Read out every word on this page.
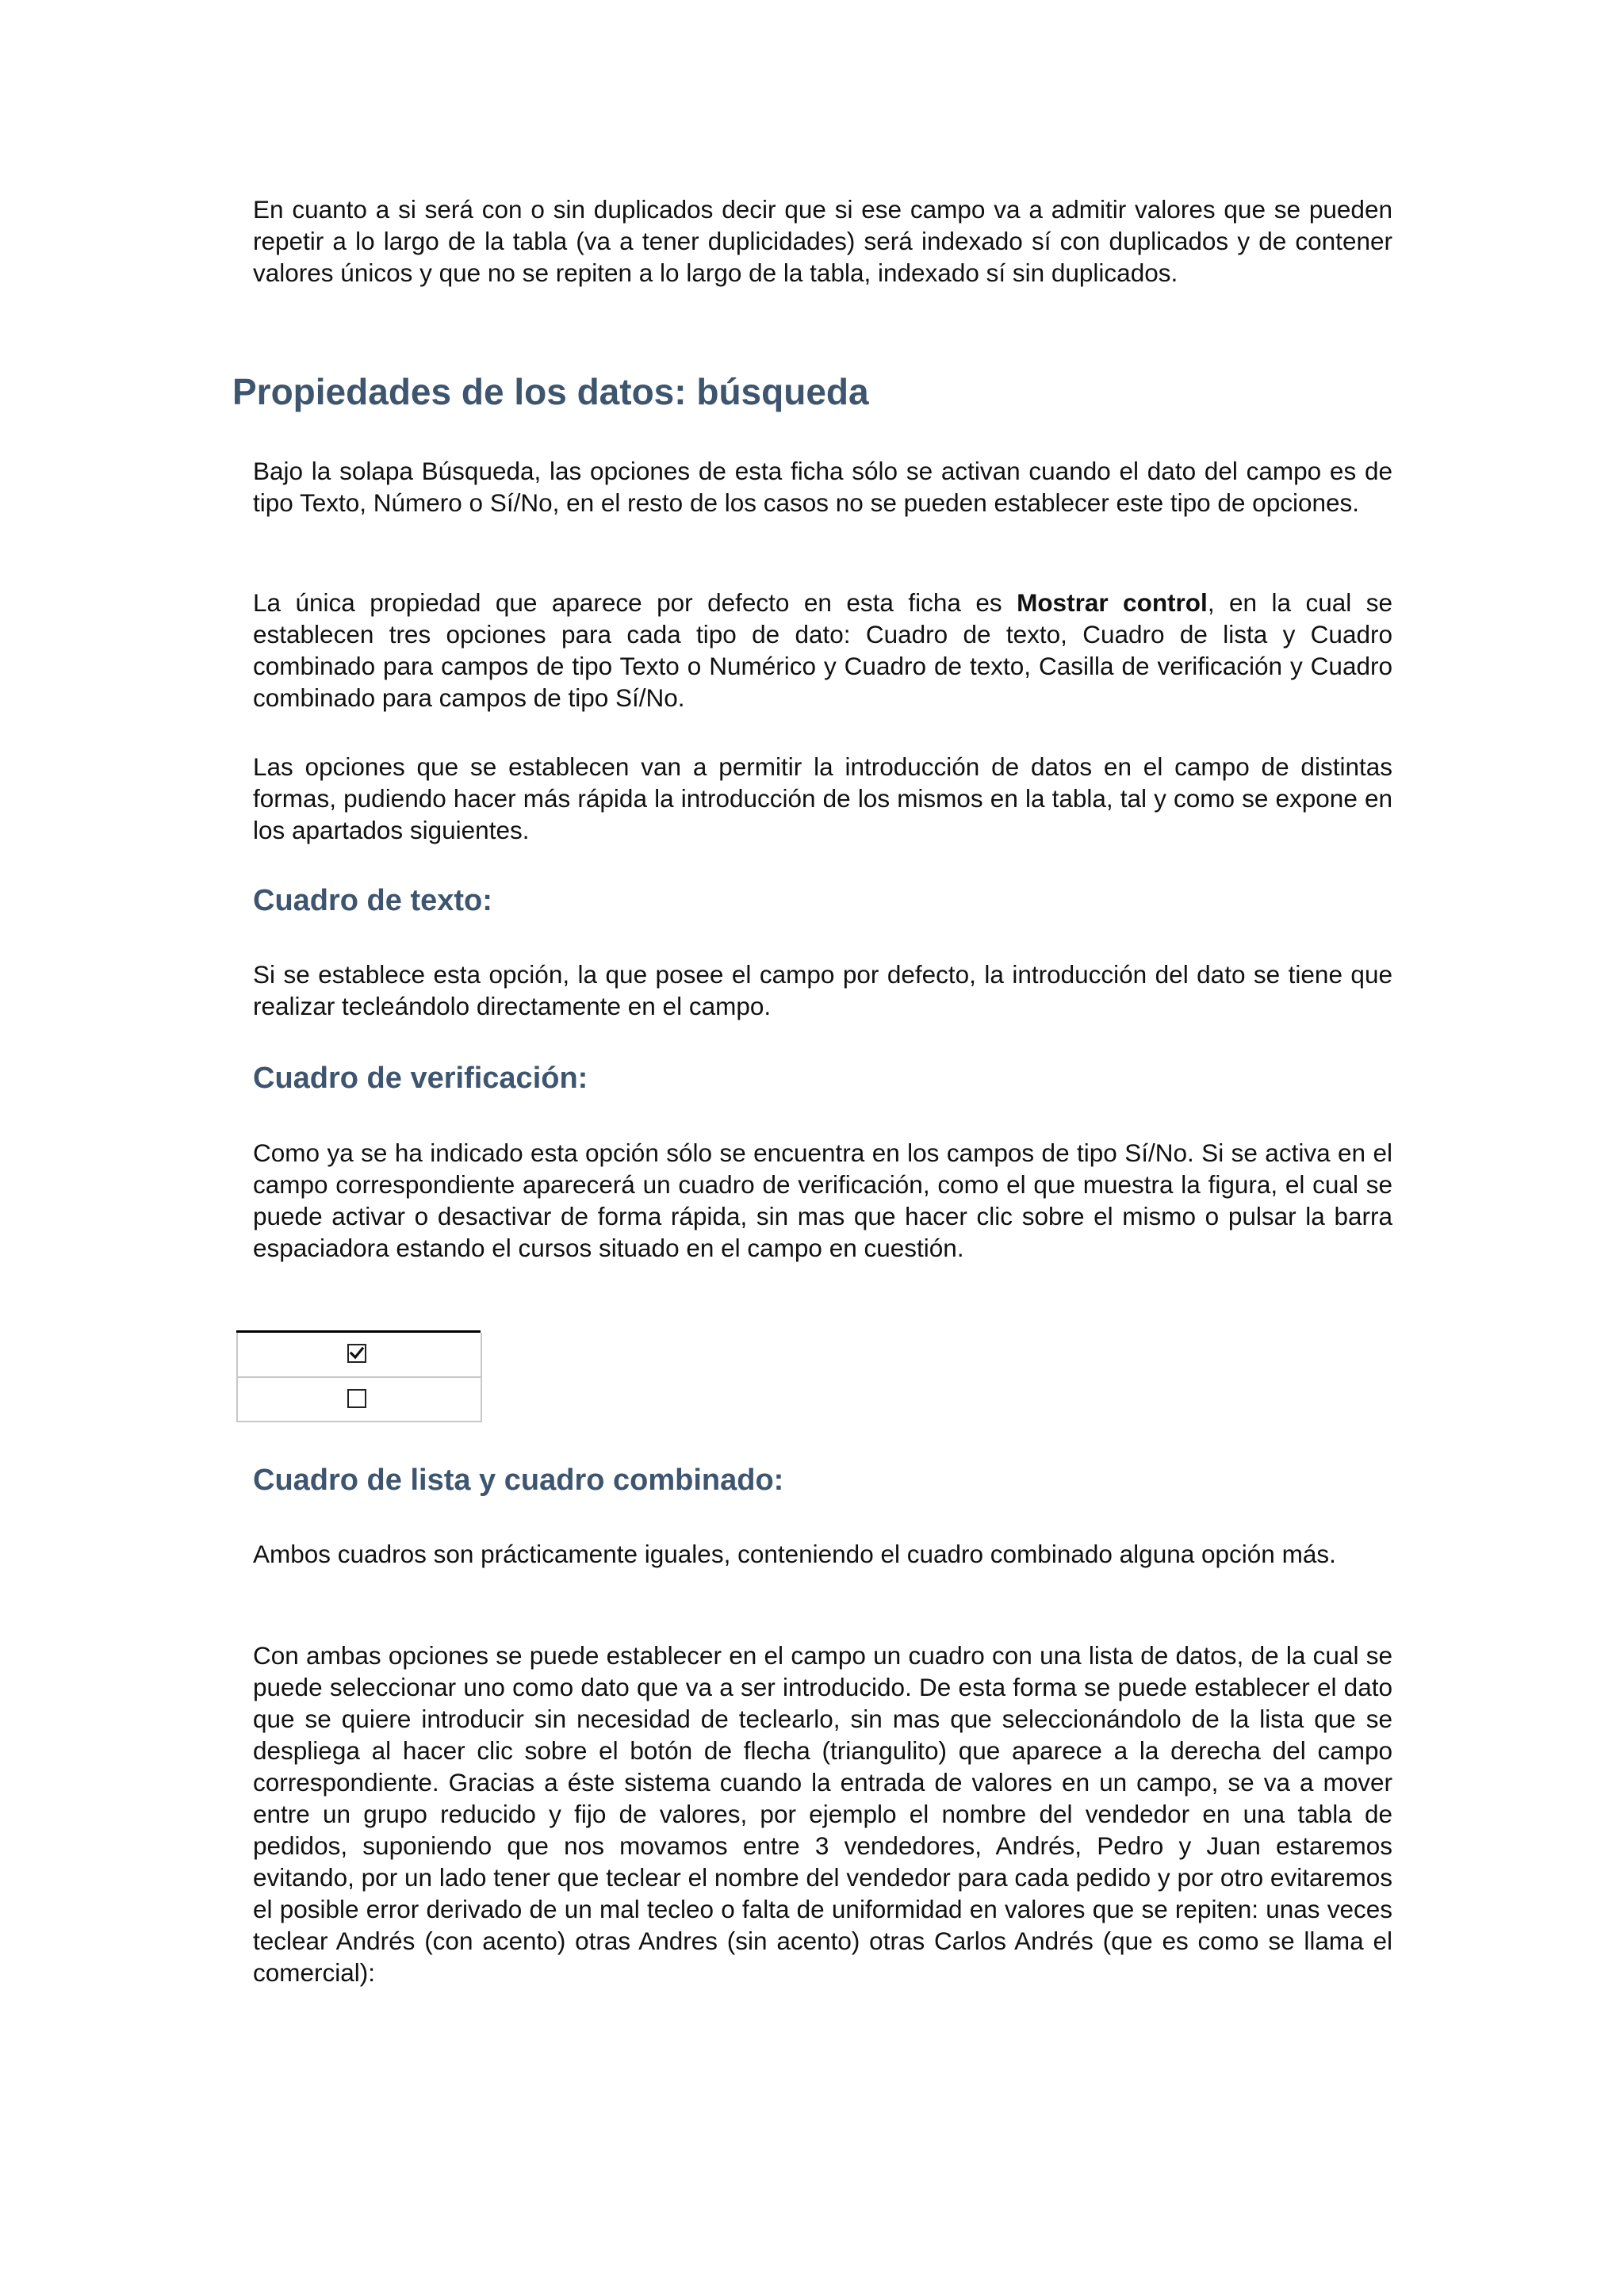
En cuanto a si será con o sin duplicados decir que si ese campo va a admitir valores que se pueden repetir a lo largo de la tabla (va a tener duplicidades) será indexado sí con duplicados y de contener valores únicos y que no se repiten a lo largo de la tabla, indexado sí sin duplicados.

Propiedades de los datos: búsqueda

Bajo la solapa Búsqueda, las opciones de esta ficha sólo se activan cuando el dato del campo es de tipo Texto, Número o Sí/No, en el resto de los casos no se pueden establecer este tipo de opciones.

La única propiedad que aparece por defecto en esta ficha es Mostrar control, en la cual se establecen tres opciones para cada tipo de dato: Cuadro de texto, Cuadro de lista y Cuadro combinado para campos de tipo Texto o Numérico y Cuadro de texto, Casilla de verificación y Cuadro combinado para campos de tipo Sí/No.

Las opciones que se establecen van a permitir la introducción de datos en el campo de distintas formas, pudiendo hacer más rápida la introducción de los mismos en la tabla, tal y como se expone en los apartados siguientes.

Cuadro de texto:

Si se establece esta opción, la que posee el campo por defecto, la introducción del dato se tiene que realizar tecleándolo directamente en el campo.

Cuadro de verificación:

Como ya se ha indicado esta opción sólo se encuentra en los campos de tipo Sí/No. Si se activa en el campo correspondiente aparecerá un cuadro de verificación, como el que muestra la figura, el cual se puede activar o desactivar de forma rápida, sin mas que hacer clic sobre el mismo o pulsar la barra espaciadora estando el cursos situado en el campo en cuestión.

Cuadro de lista y cuadro combinado:

Ambos cuadros son prácticamente iguales, conteniendo el cuadro combinado alguna opción más.

Con ambas opciones se puede establecer en el campo un cuadro con una lista de datos, de la cual se puede seleccionar uno como dato que va a ser introducido. De esta forma se puede establecer el dato que se quiere introducir sin necesidad de teclearlo, sin mas que seleccionándolo de la lista que se despliega al hacer clic sobre el botón de flecha (triangulito) que aparece a la derecha del campo correspondiente. Gracias a éste sistema cuando la entrada de valores en un campo, se va a mover entre un grupo reducido y fijo de valores, por ejemplo el nombre del vendedor en una tabla de pedidos, suponiendo que nos movamos entre 3 vendedores, Andrés, Pedro y Juan estaremos evitando, por un lado tener que teclear el nombre del vendedor para cada pedido y por otro evitaremos el posible error derivado de un mal tecleo o falta de uniformidad en valores que se repiten: unas veces teclear Andrés (con acento) otras Andres (sin acento) otras Carlos Andrés (que es como se llama el comercial):
